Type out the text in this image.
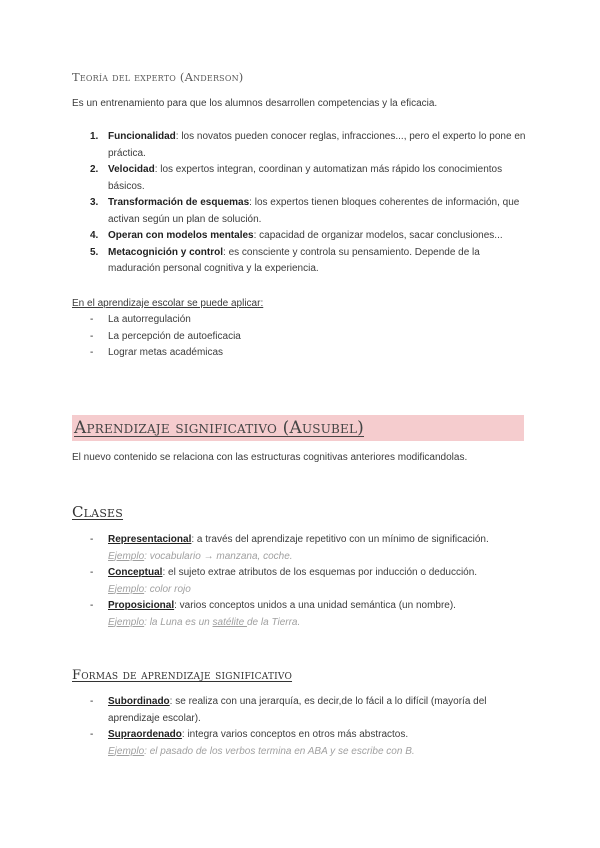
Teoría del experto (Anderson)
Es un entrenamiento para que los alumnos desarrollen competencias y la eficacia.
1. Funcionalidad: los novatos pueden conocer reglas, infracciones..., pero el experto lo pone en práctica.
2. Velocidad: los expertos integran, coordinan y automatizan más rápido los conocimientos básicos.
3. Transformación de esquemas: los expertos tienen bloques coherentes de información, que activan según un plan de solución.
4. Operan con modelos mentales: capacidad de organizar modelos, sacar conclusiones...
5. Metacognición y control: es consciente y controla su pensamiento. Depende de la maduración personal cognitiva y la experiencia.
En el aprendizaje escolar se puede aplicar:
- La autorregulación
- La percepción de autoeficacia
- Lograr metas académicas
Aprendizaje significativo (Ausubel)
El nuevo contenido se relaciona con las estructuras cognitivas anteriores modificandolas.
Clases
- Representacional: a través del aprendizaje repetitivo con un mínimo de significación.
Ejemplo: vocabulario → manzana, coche.
- Conceptual: el sujeto extrae atributos de los esquemas por inducción o deducción.
Ejemplo: color rojo
- Proposicional: varios conceptos unidos a una unidad semántica (un nombre).
Ejemplo: la Luna es un satélite de la Tierra.
Formas de aprendizaje significativo
- Subordinado: se realiza con una jerarquía, es decir,de lo fácil a lo difícil (mayoría del aprendizaje escolar).
- Supraordenado: integra varios conceptos en otros más abstractos.
Ejemplo: el pasado de los verbos termina en ABA y se escribe con B.
